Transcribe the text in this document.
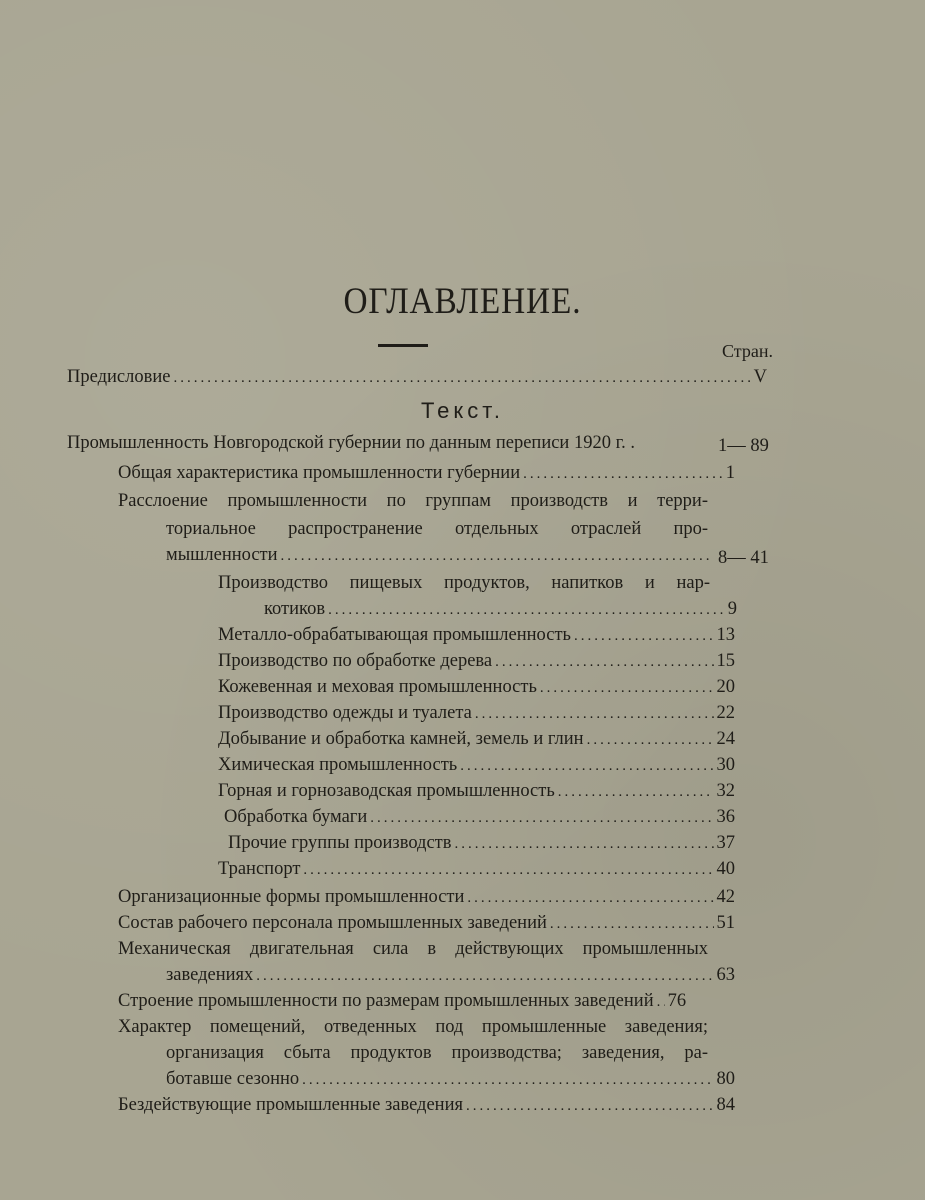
ОГЛАВЛЕНИЕ.
Стран.
Предисловие .....	V
Текст.
Промышленность Новгородской губернии по данным переписи 1920 г. .	1— 89
Общая характеристика промышленности губернии .....	1
Расслоение промышленности по группам производств и терри-
ториальное распространение отдельных отраслей про-
мышленности .....	8— 41
Производство пищевых продуктов, напитков и нар-
котиков .....	9
Металло-обрабатывающая промышленность .....	13
Производство по обработке дерева .....	15
Кожевенная и меховая промышленность .....	20
Производство одежды и туалета .....	22
Добывание и обработка камней, земель и глин .....	24
Химическая промышленность .....	30
Горная и горнозаводская промышленность .....	32
Обработка бумаги .....	36
Прочие группы производств .....	37
Транспорт .....	40
Организационные формы промышленности .....	42
Состав рабочего персонала промышленных заведений .....	51
Механическая двигательная сила в действующих промышленных
заведениях .....	63
Строение промышленности по размерам промышленных заведений ..... 76
Характер помещений, отведенных под промышленные заведения;
организация сбыта продуктов производства; заведения, ра-
ботавше сезонно .....	80
Бездействующие промышленные заведения .....	84
